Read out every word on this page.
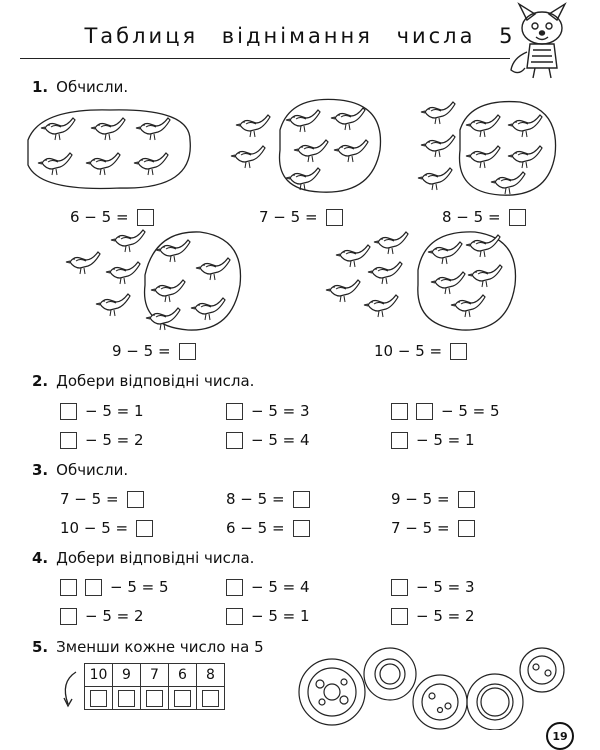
Таблиця віднімання числа 5
1. Обчисли.
6 − 5 =	7 − 5 =	8 − 5 =
9 − 5 =	10 − 5 =
2. Добери відповідні числа.
− 5 = 1	− 5 = 3	− 5 = 5
− 5 = 2	− 5 = 4	− 5 = 1
3. Обчисли.
7 − 5 =	8 − 5 =	9 − 5 =
10 − 5 =	6 − 5 =	7 − 5 =
4. Добери відповідні числа.
− 5 = 5	− 5 = 4	− 5 = 3
− 5 = 2	− 5 = 1	− 5 = 2
5. Зменши кожне число на 5
10	9	7	6	8

19
